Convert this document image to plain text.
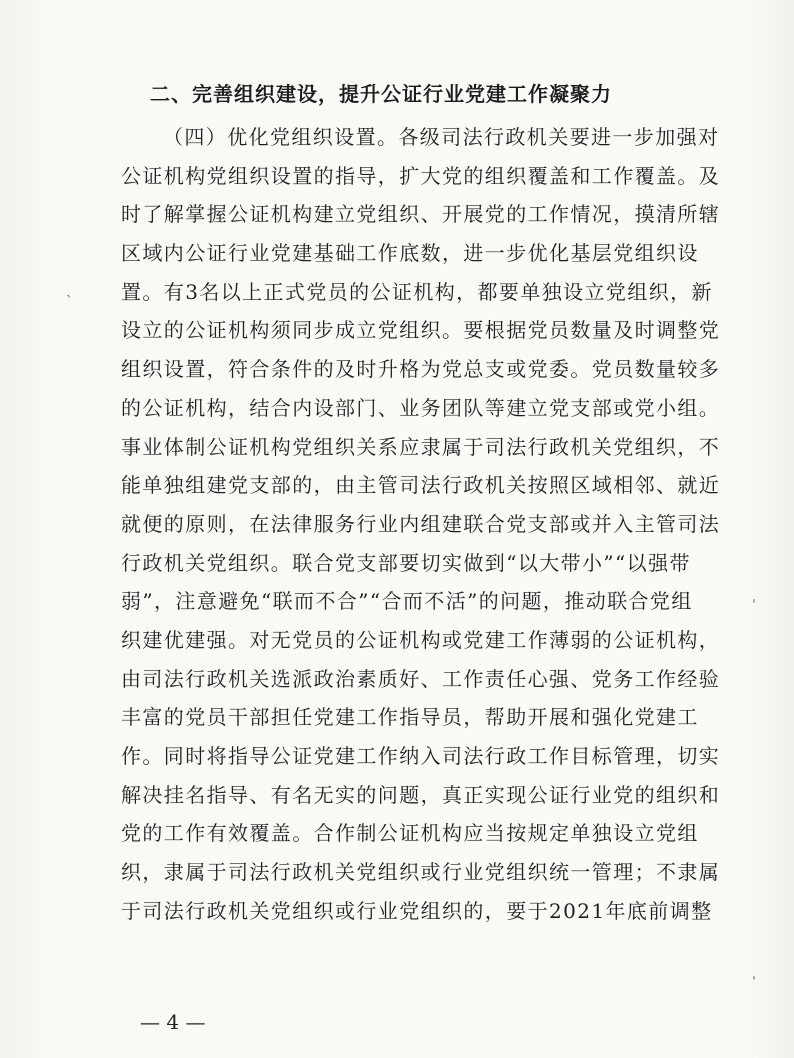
二、完善组织建设，提升公证行业党建工作凝聚力
（四）优化党组织设置。各级司法行政机关要进一步加强对
公证机构党组织设置的指导，扩大党的组织覆盖和工作覆盖。及
时了解掌握公证机构建立党组织、开展党的工作情况，摸清所辖
区域内公证行业党建基础工作底数，进一步优化基层党组织设
置。有3名以上正式党员的公证机构，都要单独设立党组织，新
设立的公证机构须同步成立党组织。要根据党员数量及时调整党
组织设置，符合条件的及时升格为党总支或党委。党员数量较多
的公证机构，结合内设部门、业务团队等建立党支部或党小组。
事业体制公证机构党组织关系应隶属于司法行政机关党组织，不
能单独组建党支部的，由主管司法行政机关按照区域相邻、就近
就便的原则，在法律服务行业内组建联合党支部或并入主管司法
行政机关党组织。联合党支部要切实做到“以大带小”“以强带
弱”，注意避免“联而不合”“合而不活”的问题，推动联合党组
织建优建强。对无党员的公证机构或党建工作薄弱的公证机构，
由司法行政机关选派政治素质好、工作责任心强、党务工作经验
丰富的党员干部担任党建工作指导员，帮助开展和强化党建工
作。同时将指导公证党建工作纳入司法行政工作目标管理，切实
解决挂名指导、有名无实的问题，真正实现公证行业党的组织和
党的工作有效覆盖。合作制公证机构应当按规定单独设立党组
织，隶属于司法行政机关党组织或行业党组织统一管理；不隶属
于司法行政机关党组织或行业党组织的，要于2021年底前调整
ˋ
ˈ
ˈ
— 4 —
